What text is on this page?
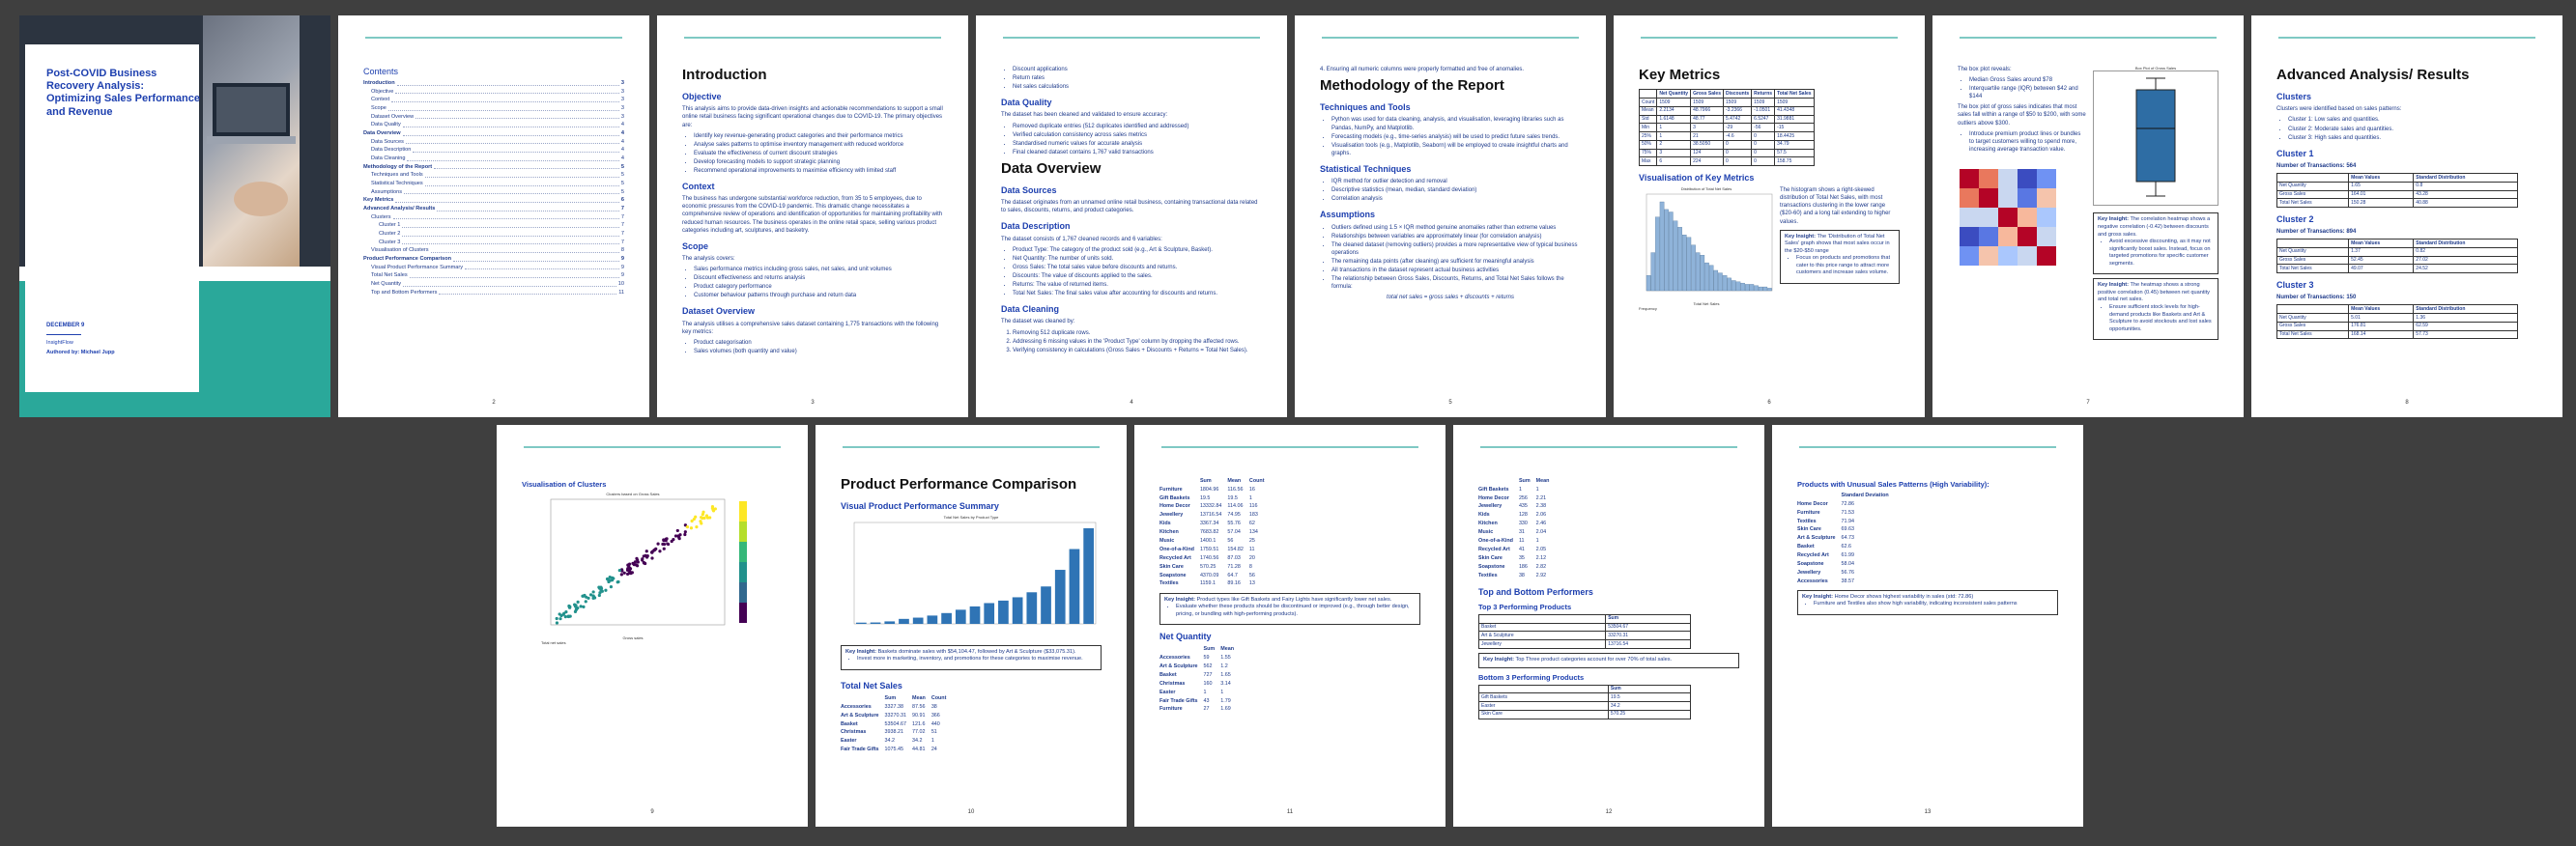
Post-COVID Business Recovery Analysis: Optimizing Sales Performance and Revenue
DECEMBER 9
InsightFlow
Authored by: Michael Jupp
Contents
Introduction	3
Objective	3
Context	3
Scope	3
Dataset Overview	3
Data Quality	4
Data Overview	4
Data Sources	4
Data Description	4
Data Cleaning	4
Methodology of the Report	5
Techniques and Tools	5
Statistical Techniques	5
Assumptions	5
Key Metrics	6
Advanced Analysis/ Results	7
Clusters	7
Cluster 1	7
Cluster 2	7
Cluster 3	7
Visualisation of Clusters	8
Product Performance Comparison	9
Visual Product Performance Summary	9
Total Net Sales	9
Net Quantity	10
Top and Bottom Performers	11
2
Introduction
Objective

This analysis aims to provide data-driven insights and actionable recommendations to support a small online retail business facing significant operational changes due to COVID-19. The primary objectives are:

• Identify key revenue-generating product categories and their performance metrics
• Analyse sales patterns to optimise inventory management with reduced workforce
• Evaluate the effectiveness of current discount strategies
• Develop forecasting models to support strategic planning
• Recommend operational improvements to maximise efficiency with limited staff
Context

The business has undergone substantial workforce reduction, from 35 to 5 employees, due to economic pressures from the COVID-19 pandemic. This dramatic change necessitates a comprehensive review of operations and identification of opportunities for maintaining profitability with reduced human resources. The business operates in the online retail space, selling various product categories including art, sculptures, and basketry.

Scope

The analysis covers:

• Sales performance metrics including gross sales, net sales, and unit volumes
• Discount effectiveness and returns analysis
• Product category performance
• Customer behaviour patterns through purchase and return data
Dataset Overview

The analysis utilises a comprehensive sales dataset containing 1,775 transactions with the following key metrics:

• Product categorisation
• Sales volumes (both quantity and value)
3
• Discount applications
• Return rates
• Net sales calculations
Data Quality

The dataset has been cleaned and validated to ensure accuracy:

• Removed duplicate entries (512 duplicates identified and addressed)
• Verified calculation consistency across sales metrics
• Standardised numeric values for accurate analysis
• Final cleaned dataset contains 1,767 valid transactions
Data Overview
Data Sources

The dataset originates from an unnamed online retail business, containing transactional data related to sales, discounts, returns, and product categories.

Data Description

The dataset consists of 1,767 cleaned records and 6 variables:

• Product Type: The category of the product sold (e.g., Art & Sculpture, Basket).
• Net Quantity: The number of units sold.
• Gross Sales: The total sales value before discounts and returns.
• Discounts: The value of discounts applied to the sales.
• Returns: The value of returned items.
• Total Net Sales: The final sales value after accounting for discounts and returns.
Data Cleaning

The dataset was cleaned by:

1. Removing 512 duplicate rows.
2. Addressing 6 missing values in the 'Product Type' column by dropping the affected rows.
3. Verifying consistency in calculations (Gross Sales + Discounts + Returns = Total Net Sales).
4

4. Ensuring all numeric columns were properly formatted and free of anomalies.

Methodology of the Report
Techniques and Tools
• Python was used for data cleaning, analysis, and visualisation, leveraging libraries such as Pandas, NumPy, and Matplotlib.
• Forecasting models (e.g., time-series analysis) will be used to predict future sales trends.
• Visualisation tools (e.g., Matplotlib, Seaborn) will be employed to create insightful charts and graphs.
Statistical Techniques
• IQR method for outlier detection and removal
• Descriptive statistics (mean, median, standard deviation)
• Correlation analysis
Assumptions
• Outliers defined using 1.5 × IQR method genuine anomalies rather than extreme values
• Relationships between variables are approximately linear (for correlation analysis)
• The cleaned dataset (removing outliers) provides a more representative view of typical business operations
• The remaining data points (after cleaning) are sufficient for meaningful analysis
• All transactions in the dataset represent actual business activities
• The relationship between Gross Sales, Discounts, Returns, and Total Net Sales follows the formula:

total net sales = gross sales + discounts + returns

5
Key Metrics
	Net Quantity	Gross Sales	Discounts	Returns	Total Net Sales
Count	1509	1509	1509	1509	1509
Mean	2.2134	48.7966	-3.2366	-1.0501	41.4348
Std	1.6148	48.77	5.4742	6.5247	31.9881
Min	1	3	-29	-56	-15
25%	1	21	-4.6	0	18.4425
50%	2	38.5050	0	0	34.79
75%	3	124	0	0	57.5
Max	6	224	0	0	158.75
Visualisation of Key Metrics
Distribution of Total Net Sales
Total Net Sales
Frequency

The histogram shows a right-skewed distribution of Total Net Sales, with most transactions clustering in the lower range ($20-60) and a long tail extending to higher values.

Key Insight: The 'Distribution of Total Net Sales' graph shows that most sales occur in the $20-$50 range
• Focus on products and promotions that cater to this price range to attract more customers and increase sales volume.
6

The box plot reveals:

• Median Gross Sales around $78
• Interquartile range (IQR) between $42 and $144

The box plot of gross sales indicates that most sales fall within a range of $50 to $200, with some outliers above $300.

• Introduce premium product lines or bundles to target customers willing to spend more, increasing average transaction value.
Box Plot of Gross Sales
Key Insight: The correlation heatmap shows a negative correlation (-0.42) between discounts and gross sales.
• Avoid excessive discounting, as it may not significantly boost sales. Instead, focus on targeted promotions for specific customer segments.
Key Insight: The heatmap shows a strong positive correlation (0.45) between net quantity and total net sales.
• Ensure sufficient stock levels for high-demand products like Baskets and Art & Sculpture to avoid stockouts and lost sales opportunities.
7
Advanced Analysis/ Results
Clusters

Clusters were identified based on sales patterns:

• Cluster 1: Low sales and quantities.
• Cluster 2: Moderate sales and quantities.
• Cluster 3: High sales and quantities.
Cluster 1

Number of Transactions: 564

	Mean Values	Standard Distribution
Net Quantity	1.65	0.8
Gross Sales	164.01	43.28
Total Net Sales	150.28	40.88
Cluster 2

Number of Transactions: 894

	Mean Values	Standard Distribution
Net Quantity	1.37	0.82
Gross Sales	52.45	27.02
Total Net Sales	49.07	24.52
Cluster 3

Number of Transactions: 150

	Mean Values	Standard Distribution
Net Quantity	5.01	1.36
Gross Sales	176.81	62.59
Total Net Sales	168.14	57.73
8
Visualisation of Clusters
Clusters based on Gross Sales
Gross sales
Total net sales
9
Product Performance Comparison
Visual Product Performance Summary
Total Net Sales by Product Type
Key Insight: Baskets dominate sales with $54,104.47, followed by Art & Sculpture ($33,075.31).
• Invest more in marketing, inventory, and promotions for these categories to maximise revenue.
Total Net Sales
	Sum	Mean	Count
Accessories	3327.38	87.56	38
Art & Sculpture	33270.31	90.91	366
Basket	53504.67	121.6	440
Christmas	3938.21	77.02	51
Easter	34.2	34.2	1
Fair Trade Gifts	1075.45	44.81	24
10
	Sum	Mean	Count
Furniture	1804.96	116.56	16
Gift Baskets	19.5	19.5	1
Home Decor	13332.84	114.06	116
Jewellery	13716.54	74.95	183
Kids	3367.34	55.76	62
Kitchen	7683.82	57.04	134
Music	1400.1	56	25
One-of-a-Kind	1759.51	154.82	11
Recycled Art	1740.56	87.03	20
Skin Care	570.25	71.28	8
Soapstone	4370.09	64.7	56
Textiles	1159.1	89.16	13
Key Insight: Product types like Gift Baskets and Fairy Lights have significantly lower net sales.
• Evaluate whether these products should be discontinued or improved (e.g., through better design, pricing, or bundling with high-performing products).
Net Quantity
	Sum	Mean
Accessories	59	1.55
Art & Sculpture	562	1.2
Basket	727	1.65
Christmas	160	3.14
Easter	1	1
Fair Trade Gifts	43	1.79
Furniture	27	1.69
11
	Sum	Mean
Gift Baskets	1	1
Home Decor	256	2.21
Jewellery	435	2.38
Kids	128	2.06
Kitchen	330	2.46
Music	31	2.04
One-of-a-Kind	11	1
Recycled Art	41	2.05
Skin Care	35	2.12
Soapstone	186	2.82
Textiles	38	2.92
Top and Bottom Performers
Top 3 Performing Products
	Sum
Basket	53504.67
Art & Sculpture	33270.31
Jewellery	13716.54
Key Insight: Top Three product categories account for over 70% of total sales.
Bottom 3 Performing Products
	Sum
Gift Baskets	19.5
Easter	34.2
Skin Care	570.25
12
Products with Unusual Sales Patterns (High Variability):
	Standard Deviation
Home Decor	72.86
Furniture	71.53
Textiles	71.94
Skin Care	69.63
Art & Sculpture	64.73
Basket	62.6
Recycled Art	61.99
Soapstone	58.04
Jewellery	56.76
Accessories	38.57
Key Insight: Home Decor shows highest variability in sales (std: 72.86)
• Furniture and Textiles also show high variability, indicating inconsistent sales patterns
13
